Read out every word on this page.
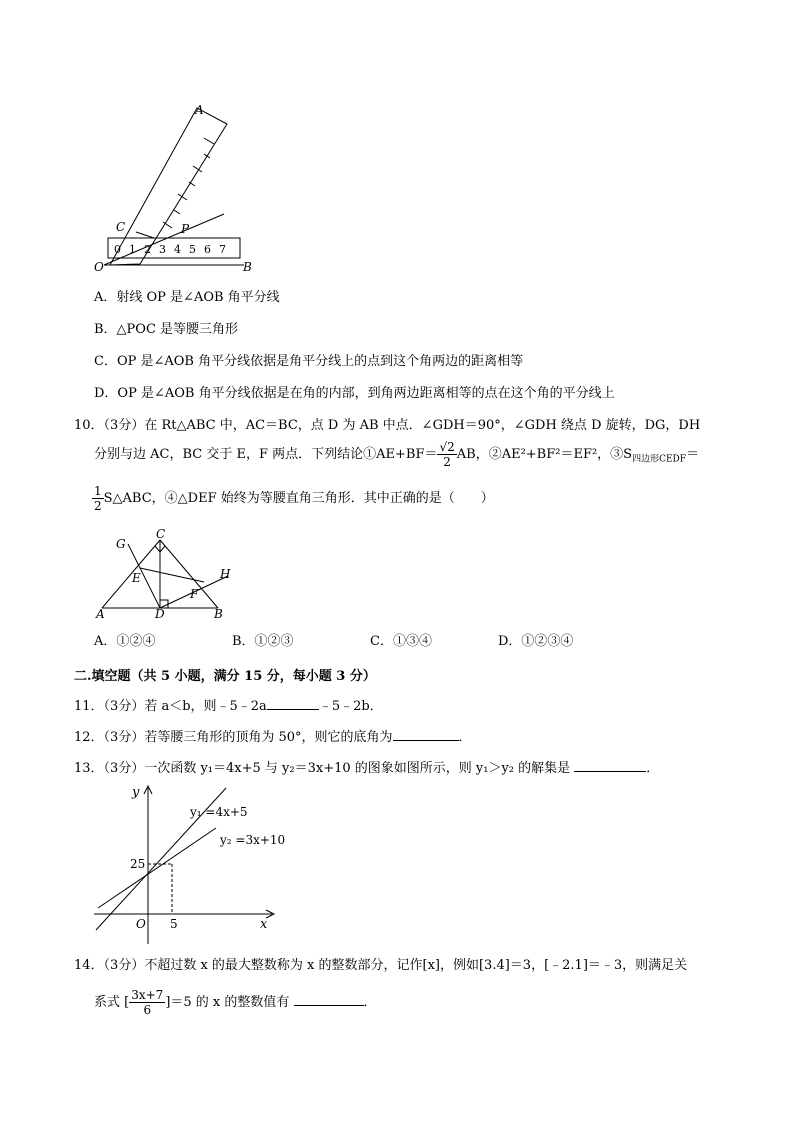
A
C	P
O	B
0 1 2 3 4 5 6 7
A．射线 OP 是∠AOB 角平分线
B．△POC 是等腰三角形
C．OP 是∠AOB 角平分线依据是角平分线上的点到这个角两边的距离相等
D．OP 是∠AOB 角平分线依据是在角的内部，到角两边距离相等的点在这个角的平分线上
10．（3分）在 Rt△ABC 中，AC＝BC，点 D 为 AB 中点．∠GDH＝90°，∠GDH 绕点 D 旋转，DG，DH
分别与边 AC，BC 交于 E，F 两点．下列结论①AE+BF＝ $\frac{√2}{2}$ AB，②AE²+BF²＝EF²，$③S_{四边形CEDF}=$
$\frac{1}{2}$ S△ABC，④△DEF 始终为等腰直角三角形．其中正确的是（　　）
G
C
H
E
F
A	D	B
A．①②④	B．①②③	C．①③④	D．①②③④
二.填空题（共 5 小题，满分 15 分，每小题 3 分）
11．（3分）若 a＜b，则﹣5﹣2a	﹣5﹣2b．
12．（3分）若等腰三角形的顶角为 50°，则它的底角为	．
13．（3分）一次函数 y₁＝4x+5 与 y₂＝3x+10 的图象如图所示，则 y₁＞y₂ 的解集是	．
y
x
O
25
5
y₁ =4x+5
y₂ =3x+10
14．（3分）不超过数 x 的最大整数称为 x 的整数部分，记作[x]，例如[3.4]＝3，[﹣2.1]＝﹣3，则满足关
系式 [ $\frac{3x+7}{6} ]=5$ 的 x 的整数值有	．
